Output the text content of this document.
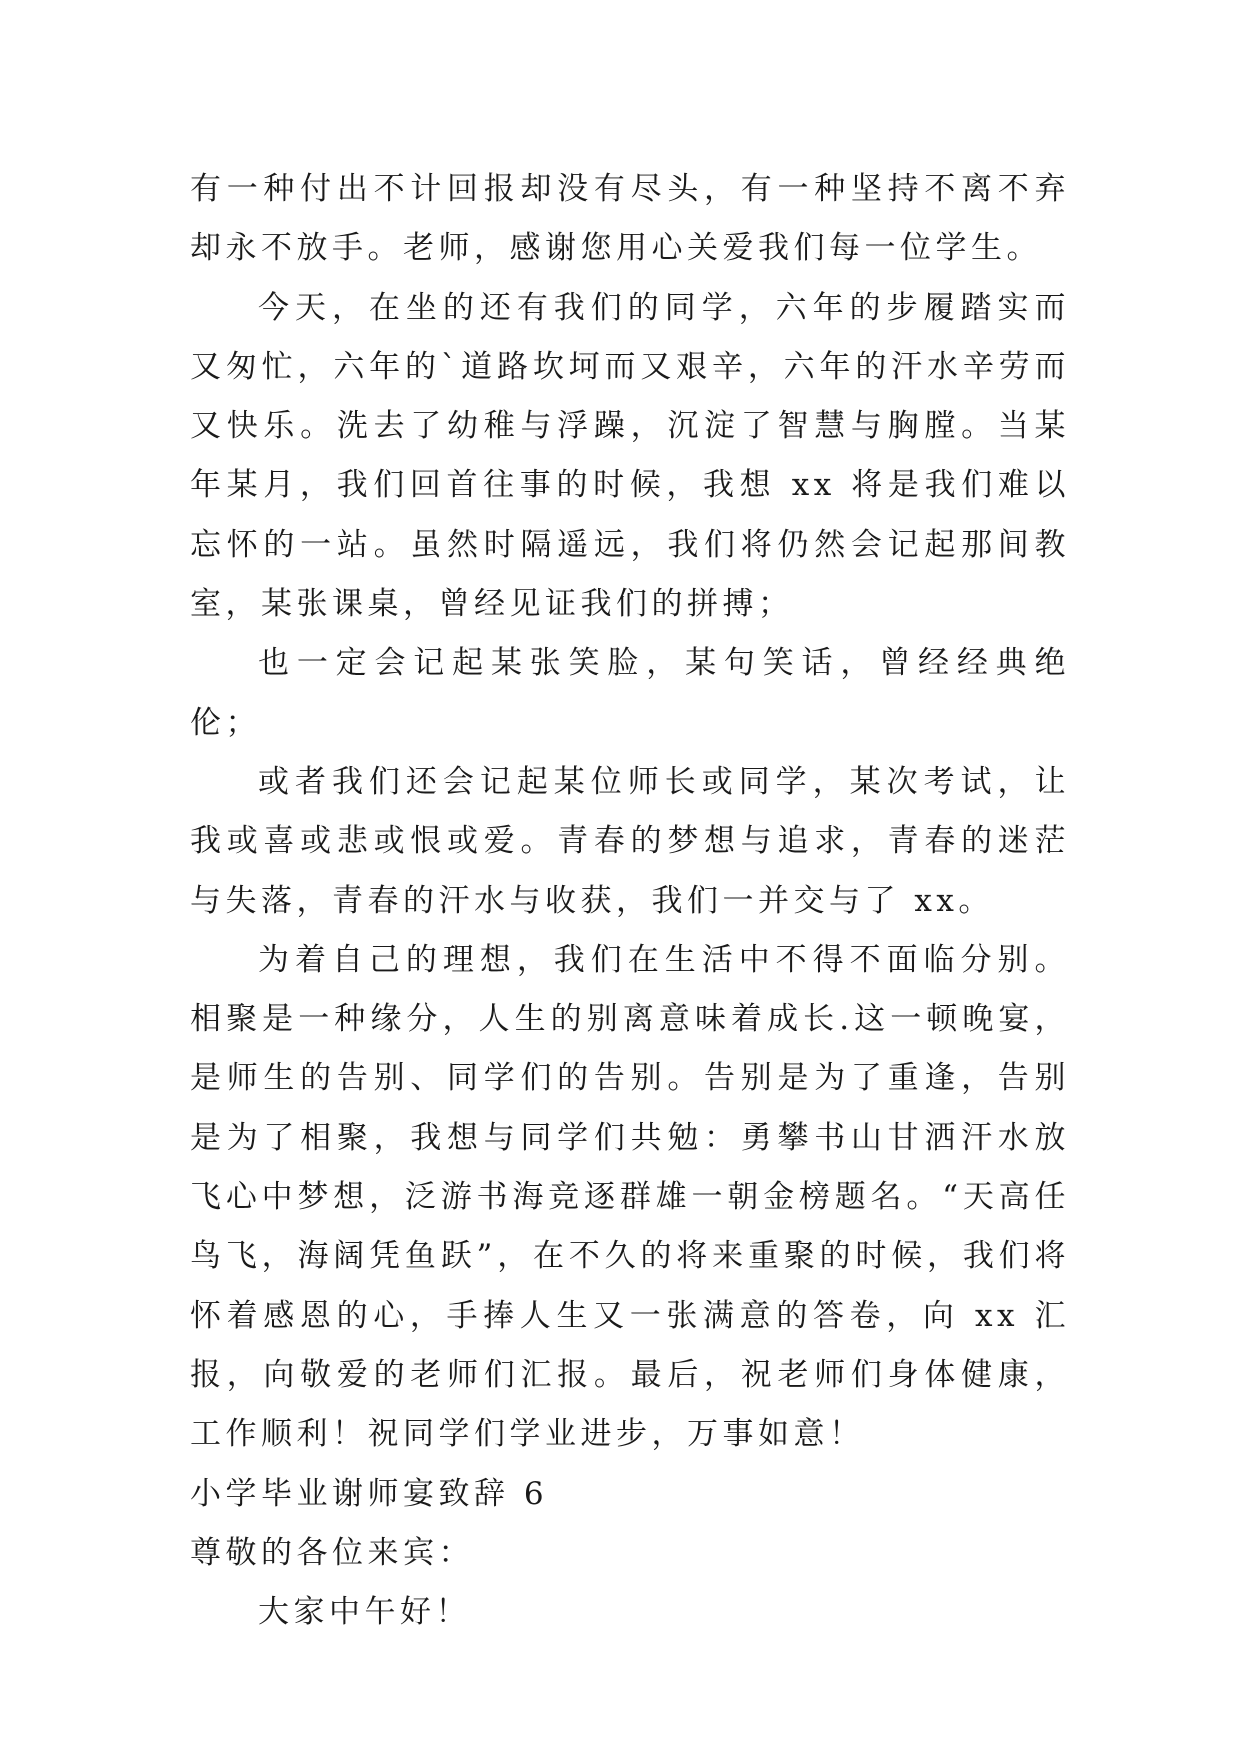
有一种付出不计回报却没有尽头，有一种坚持不离不弃却永不放手。老师，感谢您用心关爱我们每一位学生。

今天，在坐的还有我们的同学，六年的步履踏实而又匆忙，六年的`道路坎坷而又艰辛，六年的汗水辛劳而又快乐。洗去了幼稚与浮躁，沉淀了智慧与胸膛。当某年某月，我们回首往事的时候，我想 xx 将是我们难以忘怀的一站。虽然时隔遥远，我们将仍然会记起那间教室，某张课桌，曾经见证我们的拼搏；

也一定会记起某张笑脸，某句笑话，曾经经典绝伦；

或者我们还会记起某位师长或同学，某次考试，让我或喜或悲或恨或爱。青春的梦想与追求，青春的迷茫与失落，青春的汗水与收获，我们一并交与了 xx。

为着自己的理想，我们在生活中不得不面临分别。相聚是一种缘分，人生的别离意味着成长.这一顿晚宴，是师生的告别、同学们的告别。告别是为了重逢，告别是为了相聚，我想与同学们共勉：勇攀书山甘洒汗水放飞心中梦想，泛游书海竞逐群雄一朝金榜题名。“天高任鸟飞，海阔凭鱼跃”，在不久的将来重聚的时候，我们将怀着感恩的心，手捧人生又一张满意的答卷，向 xx 汇报，向敬爱的老师们汇报。最后，祝老师们身体健康，工作顺利！祝同学们学业进步，万事如意！

小学毕业谢师宴致辞 6

尊敬的各位来宾：

大家中午好！
